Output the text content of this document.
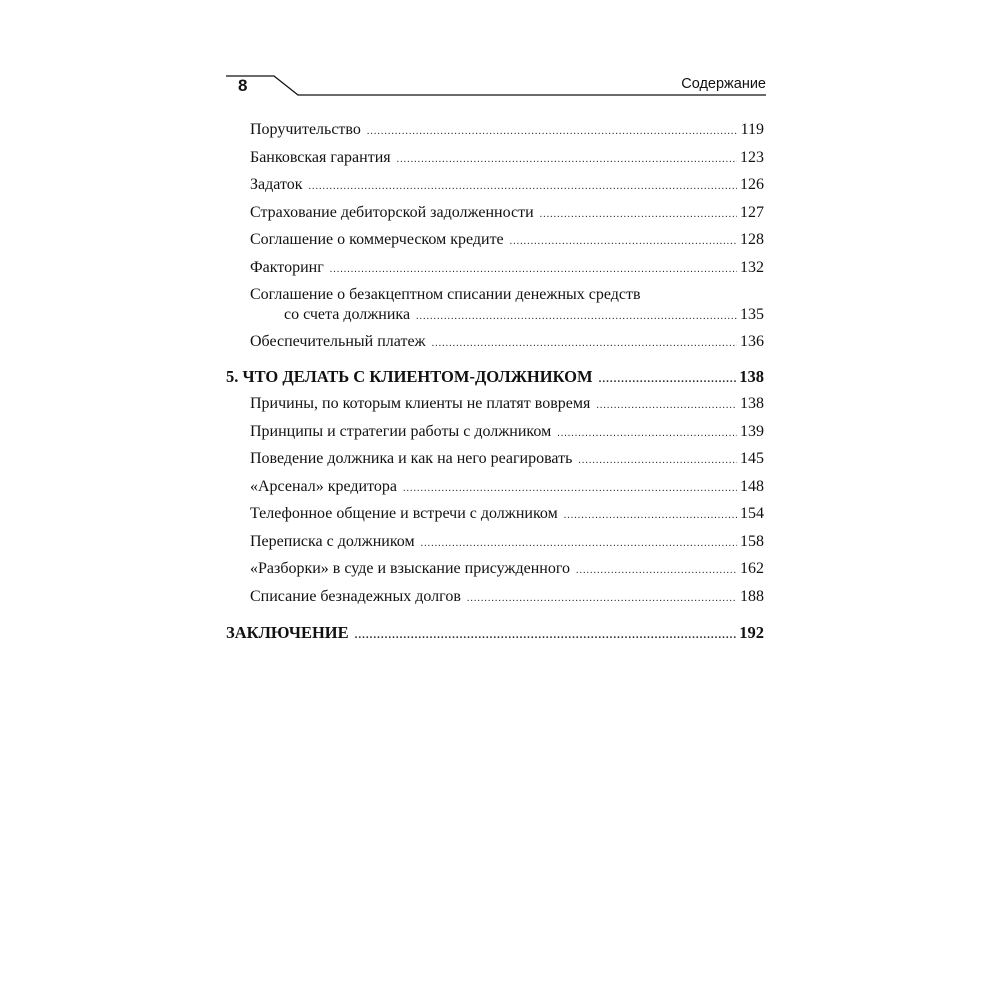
8	Содержание
Поручительство .....	119
Банковская гарантия .....	123
Задаток .....	126
Страхование дебиторской задолженности .....	127
Соглашение о коммерческом кредите .....	128
Факторинг .....	132
Соглашение о безакцептном списании денежных средств
со счета должника .....	135
Обеспечительный платеж .....	136
5. ЧТО ДЕЛАТЬ С КЛИЕНТОМ-ДОЛЖНИКОМ .....	138
Причины, по которым клиенты не платят вовремя .....	138
Принципы и стратегии работы с должником .....	139
Поведение должника и как на него реагировать .....	145
«Арсенал» кредитора .....	148
Телефонное общение и встречи с должником .....	154
Переписка с должником .....	158
«Разборки» в суде и взыскание присужденного .....	162
Списание безнадежных долгов .....	188
ЗАКЛЮЧЕНИЕ .....	192
